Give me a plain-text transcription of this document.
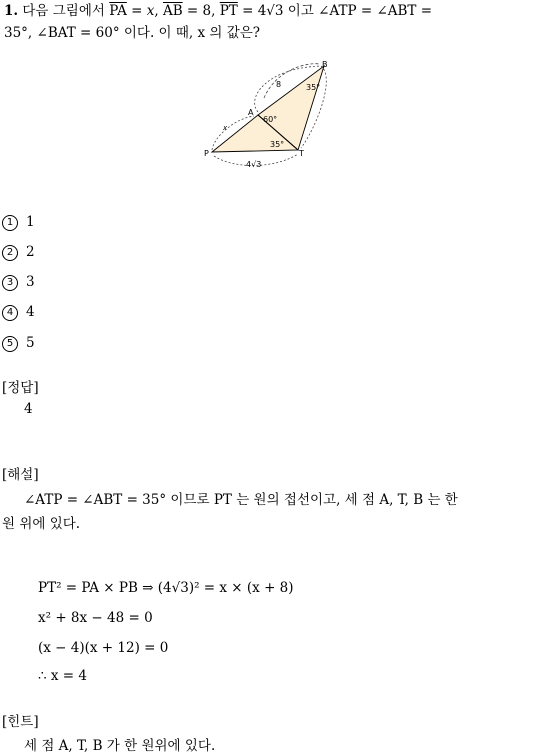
1. 다음 그림에서 $\overline{PA} = x$, $\overline{AB} = 8$, $\overline{PT} = 4√3$ 이고 ∠ATP = ∠ABT =
35°, ∠BAT = 60° 이다. 이 때, x 의 값은?
B
A
P	T
8
x
4√3
35°
60°
35°
1 1
2 2
3 3
4 4
5 5
[정답]
4
[해설]
∠ATP = ∠ABT = 35° 이므로 PT 는 원의 접선이고, 세 점 A, T, B 는 한
원 위에 있다.
PT² = PA × PB ⇒ (4√3)² = x × (x + 8)
x² + 8x − 48 = 0
(x − 4)(x + 12) = 0
∴ x = 4
[힌트]
세 점 A, T, B 가 한 원위에 있다.
